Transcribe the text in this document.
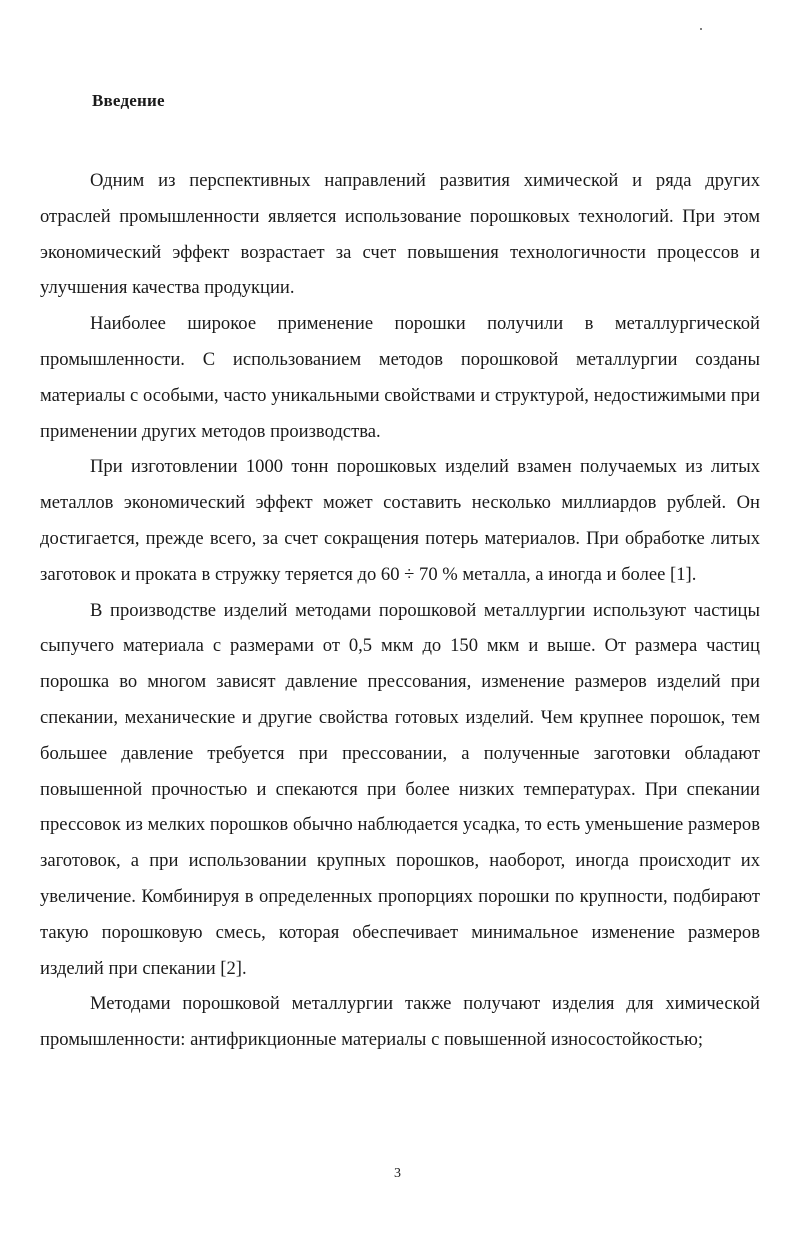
Введение

Одним из перспективных направлений развития химической и ряда других отраслей промышленности является использование порошковых технологий. При этом экономический эффект возрастает за счет повышения технологичности процессов и улучшения качества продукции.

Наиболее широкое применение порошки получили в металлургической промышленности. С использованием методов порошковой металлургии созданы материалы с особыми, часто уникальными свойствами и структурой, недостижимыми при применении других методов производства.

При изготовлении 1000 тонн порошковых изделий взамен получаемых из литых металлов экономический эффект может составить несколько миллиардов рублей. Он достигается, прежде всего, за счет сокращения потерь материалов. При обработке литых заготовок и проката в стружку теряется до 60 ÷ 70 % металла, а иногда и более [1].

В производстве изделий методами порошковой металлургии используют частицы сыпучего материала с размерами от 0,5 мкм до 150 мкм и выше. От размера частиц порошка во многом зависят давление прессования, изменение размеров изделий при спекании, механические и другие свойства готовых изделий. Чем крупнее порошок, тем большее давление требуется при прессовании, а полученные заготовки обладают повышенной прочностью и спекаются при более низких температурах. При спекании прессовок из мелких порошков обычно наблюдается усадка, то есть уменьшение размеров заготовок, а при использовании крупных порошков, наоборот, иногда происходит их увеличение. Комбинируя в определенных пропорциях порошки по крупности, подбирают такую порошковую смесь, которая обеспечивает минимальное изменение размеров изделий при спекании [2].

Методами порошковой металлургии также получают изделия для химической промышленности: антифрикционные материалы с повышенной износостойкостью;

3
